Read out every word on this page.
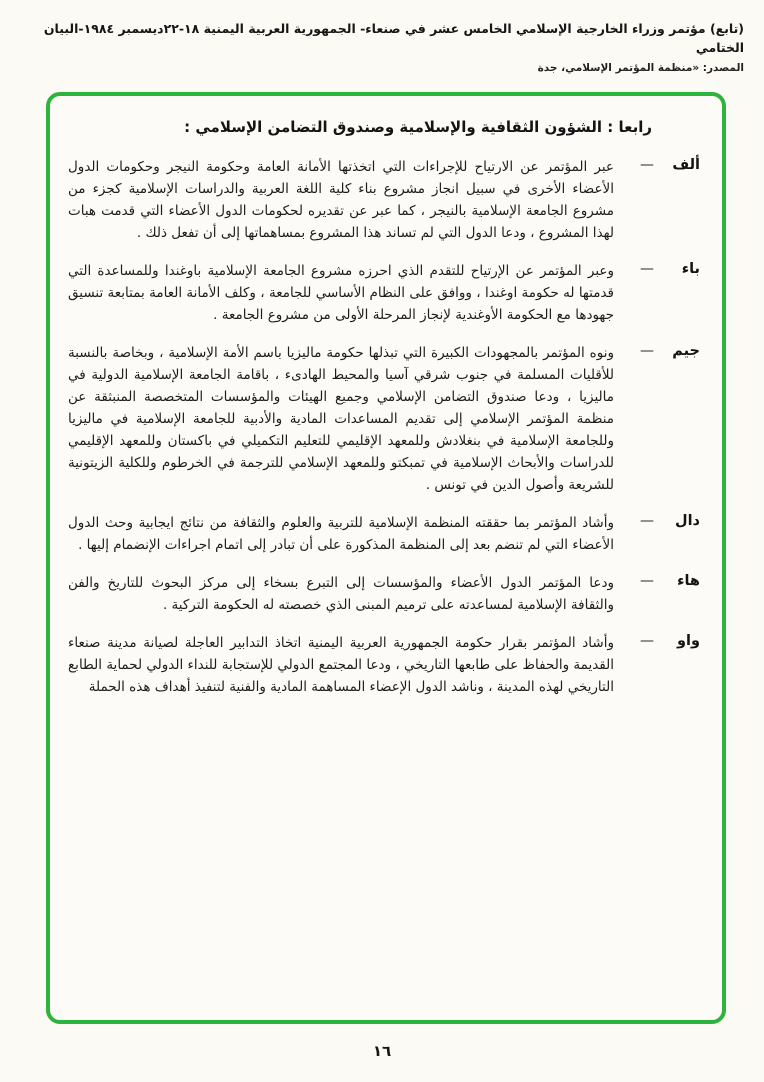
(تابع) مؤتمر وزراء الخارجية الإسلامي الخامس عشر في صنعاء- الجمهورية العربية اليمنية ١٨-٢٢ديسمبر ١٩٨٤-البيان الختامي
المصدر: «منظمة المؤتمر الإسلامي، جدة
رابعا : الشؤون الثقافية والإسلامية وصندوق التضامن الإسلامي :
ألف
—
عبر المؤتمر عن الارتياح للإجراءات التي اتخذتها الأمانة العامة وحكومة النيجر وحكومات الدول الأعضاء الأخرى في سبيل انجاز مشروع بناء كلية اللغة العربية والدراسات الإسلامية كجزء من مشروع الجامعة الإسلامية بالنيجر ، كما عبر عن تقديره لحكومات الدول الأعضاء التي قدمت هبات لهذا المشروع ، ودعا الدول التي لم تساند هذا المشروع بمساهماتها إلى أن تفعل ذلك .
باء
—
وعبر المؤتمر عن الإرتياح للتقدم الذي احرزه مشروع الجامعة الإسلامية باوغندا وللمساعدة التي قدمتها له حكومة اوغندا ، ووافق على النظام الأساسي للجامعة ، وكلف الأمانة العامة بمتابعة تنسيق جهودها مع الحكومة الأوغندية لإنجاز المرحلة الأولى من مشروع الجامعة .
جيم
—
ونوه المؤتمر بالمجهودات الكبيرة التي تبذلها حكومة ماليزيا باسم الأمة الإسلامية ، وبخاصة بالنسبة للأقليات المسلمة في جنوب شرقي آسيا والمحيط الهادىء ، باقامة الجامعة الإسلامية الدولية في ماليزيا ، ودعا صندوق التضامن الإسلامي وجميع الهيئات والمؤسسات المتخصصة المنبثقة عن منظمة المؤتمر الإسلامي إلى تقديم المساعدات المادية والأدبية للجامعة الإسلامية في ماليزيا وللجامعة الإسلامية في بنغلادش وللمعهد الإقليمي للتعليم التكميلي في باكستان وللمعهد الإقليمي للدراسات والأبحاث الإسلامية في تمبكتو وللمعهد الإسلامي للترجمة في الخرطوم وللكلية الزيتونية للشريعة وأصول الدين في تونس .
دال
—
وأشاد المؤتمر بما حققته المنظمة الإسلامية للتربية والعلوم والثقافة من نتائج ايجابية وحث الدول الأعضاء التي لم تنضم بعد إلى المنظمة المذكورة على أن تبادر إلى اتمام اجراءات الإنضمام إليها .
هاء
—
ودعا المؤتمر الدول الأعضاء والمؤسسات إلى التبرع بسخاء إلى مركز البحوث للتاريخ والفن والثقافة الإسلامية لمساعدته على ترميم المبنى الذي خصصته له الحكومة التركية .
واو
—
وأشاد المؤتمر بقرار حكومة الجمهورية العربية اليمنية اتخاذ التدابير العاجلة لصيانة مدينة صنعاء القديمة والحفاظ على طابعها التاريخي ، ودعا المجتمع الدولي للإستجابة للنداء الدولي لحماية الطابع التاريخي لهذه المدينة ، وناشد الدول الإعضاء المساهمة المادية والفنية لتنفيذ أهداف هذه الحملة
١٦
